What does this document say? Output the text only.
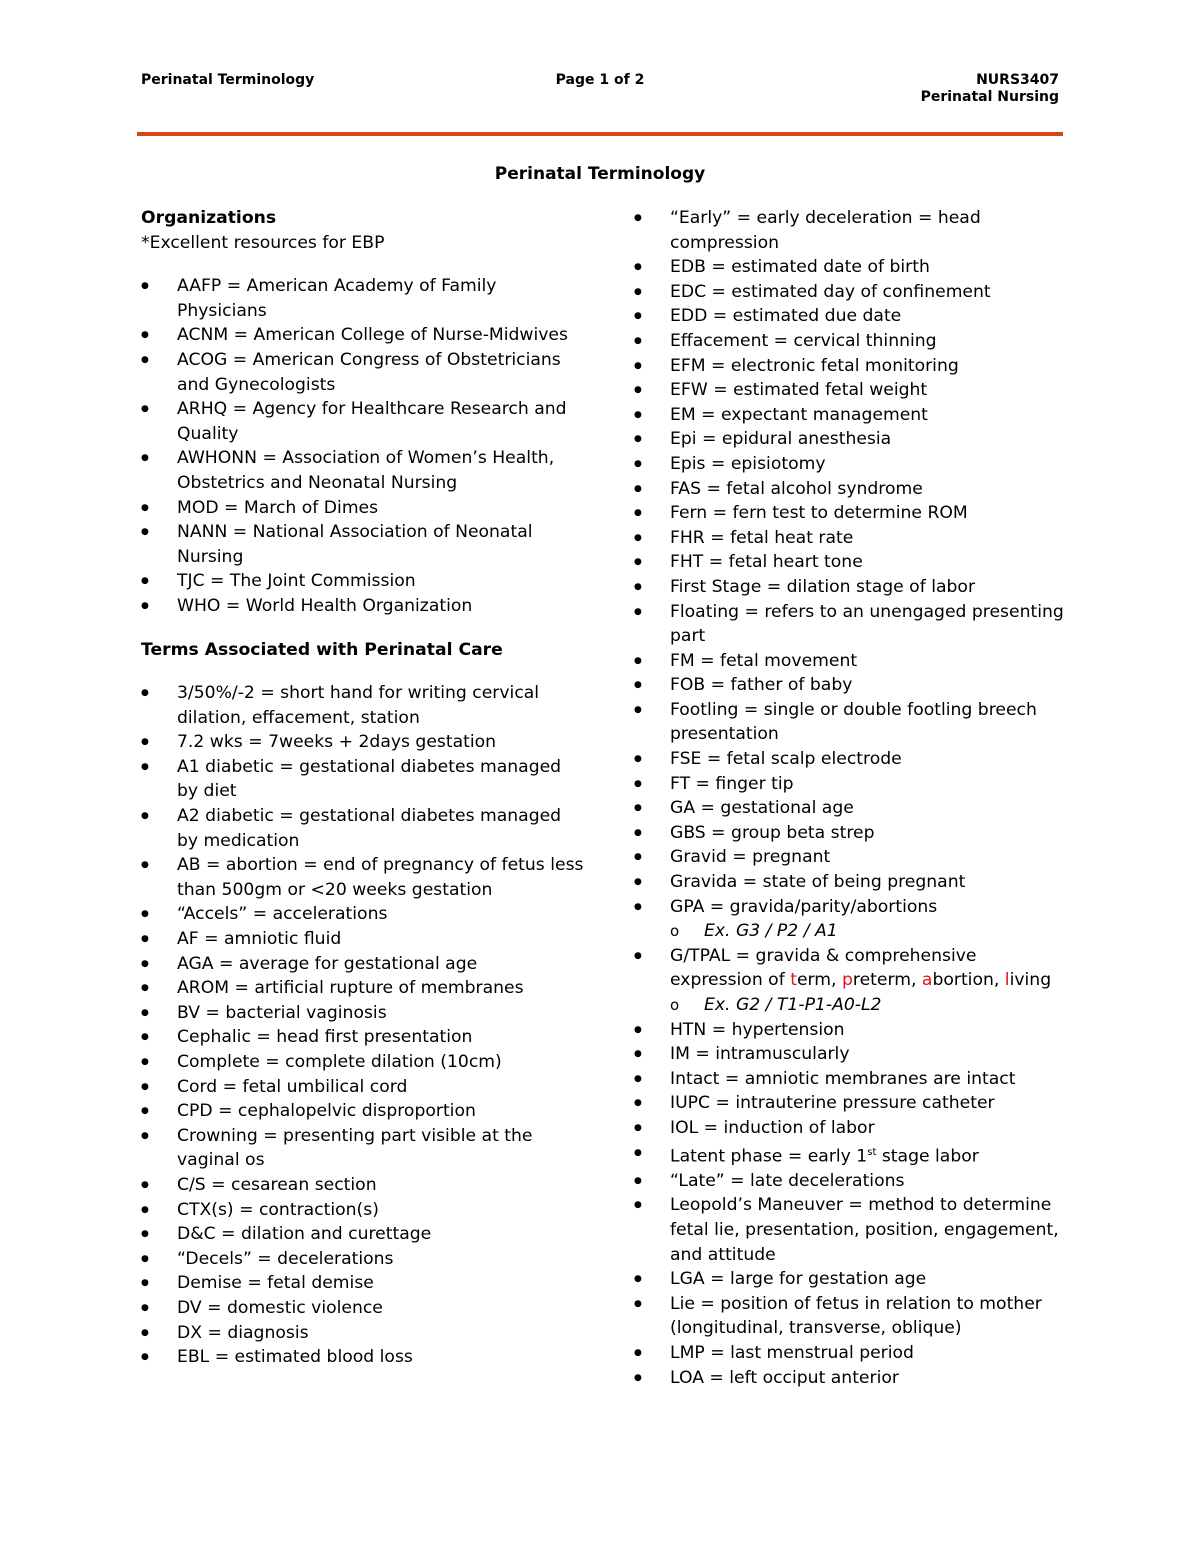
Perinatal Terminology	Page 1 of 2	NURS3407
Perinatal Nursing
Perinatal Terminology
Organizations
*Excellent resources for EBP
● AAFP = American Academy of Family Physicians
● ACNM = American College of Nurse-Midwives
● ACOG = American Congress of Obstetricians and Gynecologists
● ARHQ = Agency for Healthcare Research and Quality
● AWHONN = Association of Women’s Health, Obstetrics and Neonatal Nursing
● MOD = March of Dimes
● NANN = National Association of Neonatal Nursing
● TJC = The Joint Commission
● WHO = World Health Organization
Terms Associated with Perinatal Care
● 3/50%/-2 = short hand for writing cervical dilation, effacement, station
● 7.2 wks = 7weeks + 2days gestation
● A1 diabetic = gestational diabetes managed by diet
● A2 diabetic = gestational diabetes managed by medication
● AB = abortion = end of pregnancy of fetus less than 500gm or <20 weeks gestation
● “Accels” = accelerations
● AF = amniotic fluid
● AGA = average for gestational age
● AROM = artificial rupture of membranes
● BV = bacterial vaginosis
● Cephalic = head first presentation
● Complete = complete dilation (10cm)
● Cord = fetal umbilical cord
● CPD = cephalopelvic disproportion
● Crowning = presenting part visible at the vaginal os
● C/S = cesarean section
● CTX(s) = contraction(s)
● D&C = dilation and curettage
● “Decels” = decelerations
● Demise = fetal demise
● DV = domestic violence
● DX = diagnosis
● EBL = estimated blood loss
● “Early” = early deceleration = head compression
● EDB = estimated date of birth
● EDC = estimated day of confinement
● EDD = estimated due date
● Effacement = cervical thinning
● EFM = electronic fetal monitoring
● EFW = estimated fetal weight
● EM = expectant management
● Epi = epidural anesthesia
● Epis = episiotomy
● FAS = fetal alcohol syndrome
● Fern = fern test to determine ROM
● FHR = fetal heat rate
● FHT = fetal heart tone
● First Stage = dilation stage of labor
● Floating = refers to an unengaged presenting part
● FM = fetal movement
● FOB = father of baby
● Footling = single or double footling breech presentation
● FSE = fetal scalp electrode
● FT = finger tip
● GA = gestational age
● GBS = group beta strep
● Gravid = pregnant
● Gravida = state of being pregnant
● GPA = gravida/parity/abortions
o Ex. G3 / P2 / A1
● G/TPAL = gravida & comprehensive expression of term, preterm, abortion, living
o Ex. G2 / T1-P1-A0-L2
● HTN = hypertension
● IM = intramuscularly
● Intact = amniotic membranes are intact
● IUPC = intrauterine pressure catheter
● IOL = induction of labor
● Latent phase = early 1st stage labor
● “Late” = late decelerations
● Leopold’s Maneuver = method to determine fetal lie, presentation, position, engagement, and attitude
● LGA = large for gestation age
● Lie = position of fetus in relation to mother (longitudinal, transverse, oblique)
● LMP = last menstrual period
● LOA = left occiput anterior
